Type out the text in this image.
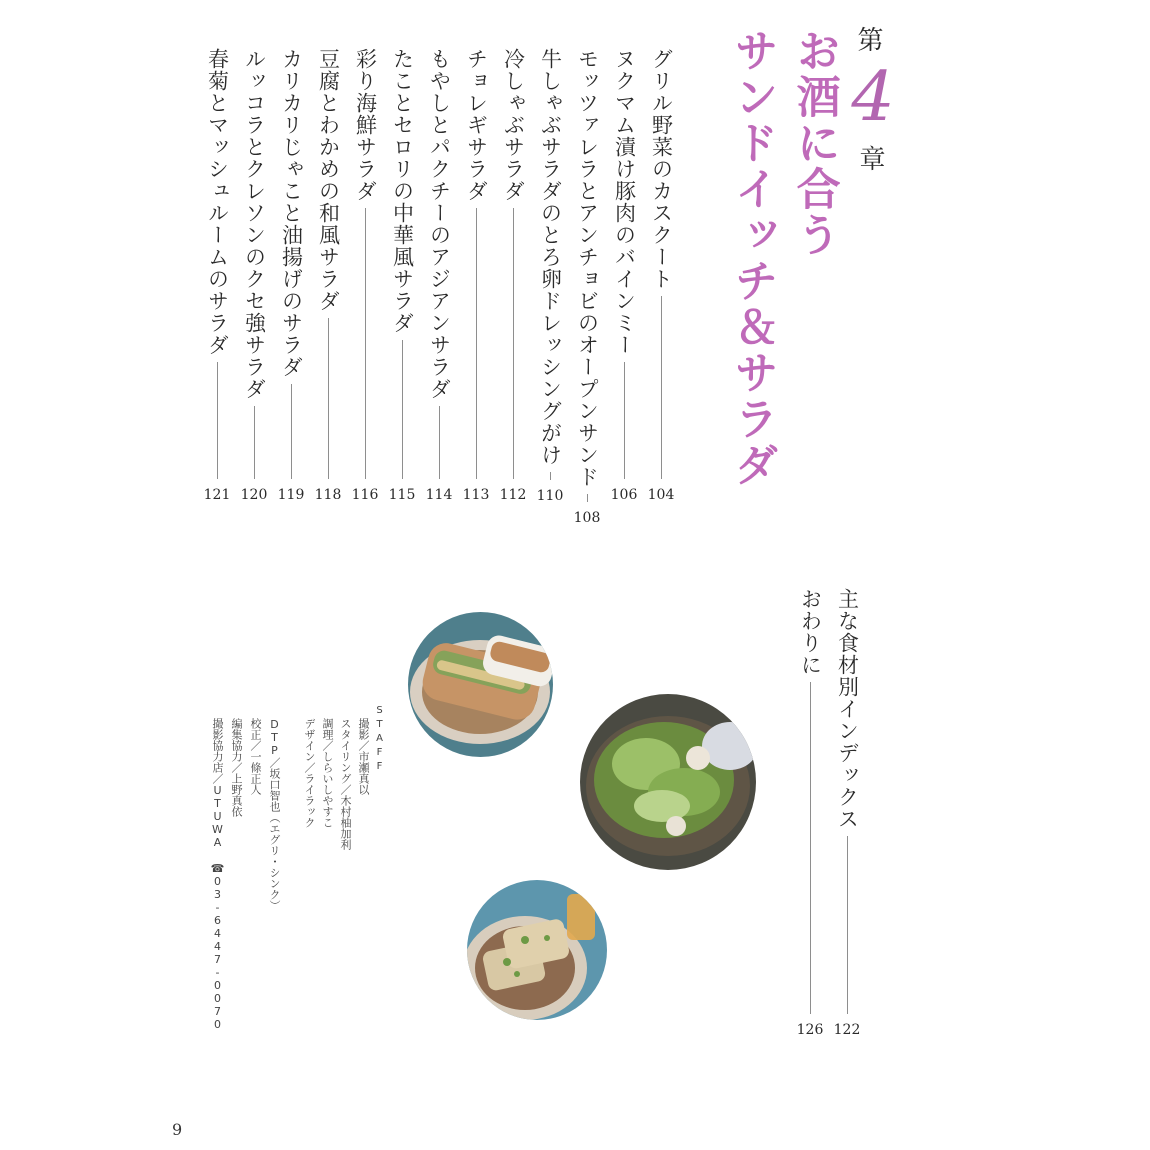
第
4
章
お酒に合う
サンドイッチ＆サラダ
グリル野菜のカスクート
104
ヌクマム漬け豚肉のバインミー
106
モッツァレラとアンチョビのオープンサンド
108
牛しゃぶサラダのとろ卵ドレッシングがけ
110
冷しゃぶサラダ
112
チョレギサラダ
113
もやしとパクチーのアジアンサラダ
114
たことセロリの中華風サラダ
115
彩り海鮮サラダ
116
豆腐とわかめの和風サラダ
118
カリカリじゃこと油揚げのサラダ
119
ルッコラとクレソンのクセ強サラダ
120
春菊とマッシュルームのサラダ
121
主な食材別インデックス
122
おわりに
126
STAFF
撮影／市瀬真以
スタイリング／木村柚加利
調理／しらいしやすこ
デザイン／ライラック
DTP／坂口智也（エグリ・シンク）
校正／一條正人
編集協力／上野真依
撮影協力店／UTUWA ☎03-6447-0070
9
